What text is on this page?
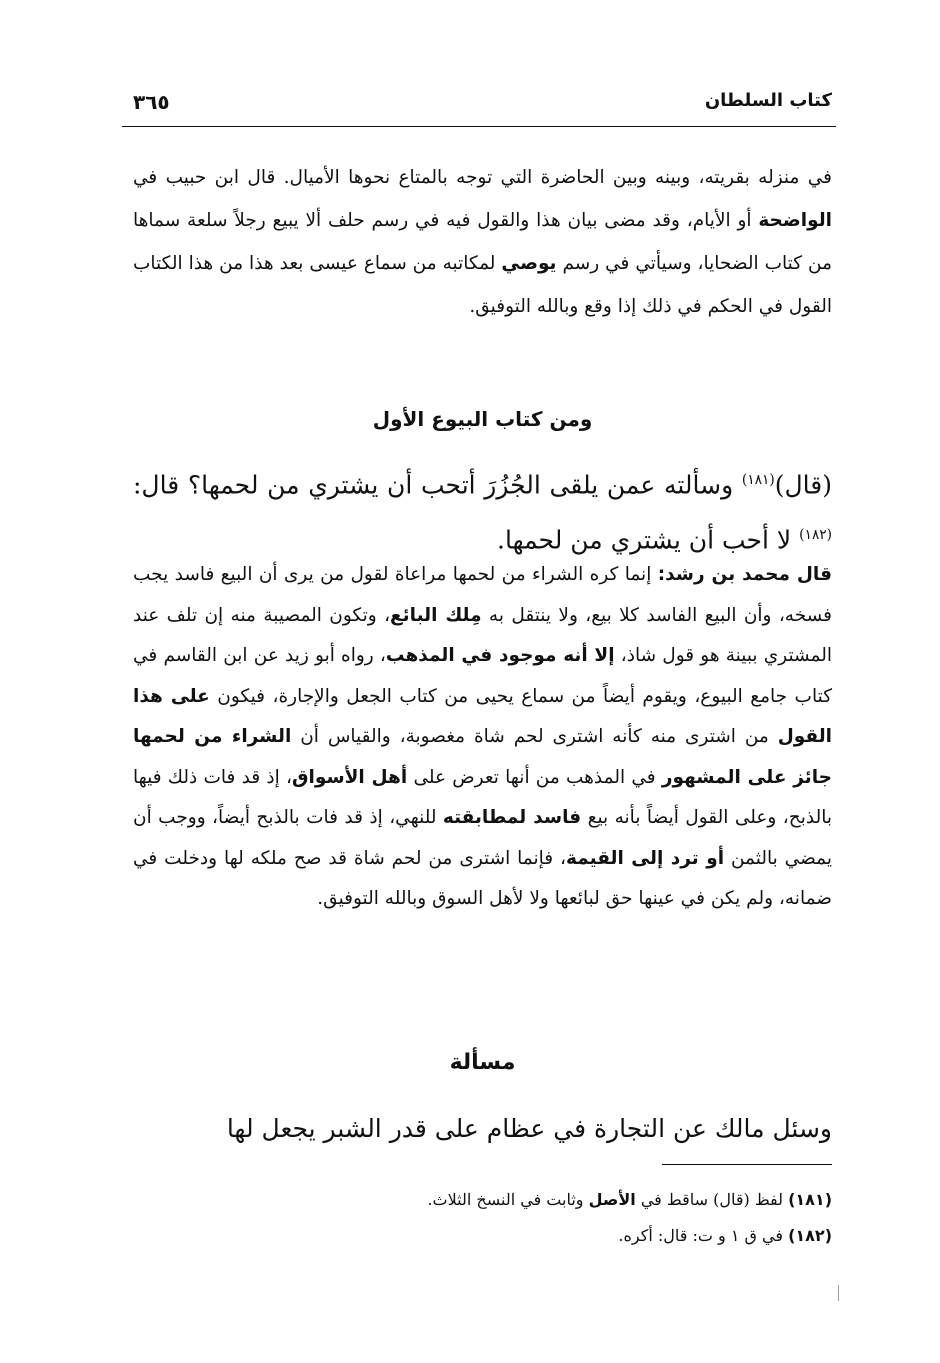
كتاب السلطان
٣٦٥
في منزله بقريته، وبينه وبين الحاضرة التي توجه بالمتاع نحوها الأميال. قال ابن حبيب في الواضحة أو الأيام، وقد مضى بيان هذا والقول فيه في رسم حلف ألا يبيع رجلاً سلعة سماها من كتاب الضحايا، وسيأتي في رسم يوصي لمكاتبه من سماع عيسى بعد هذا من هذا الكتاب القول في الحكم في ذلك إذا وقع وبالله التوفيق.
ومن كتاب البيوع الأول
(قال)$^{(١٨١)}$ وسألته عمن يلقى الجُزُرَ أتحب أن يشتري من لحمها؟ قال:$^{(١٨٢)}$ لا أحب أن يشتري من لحمها.
قال محمد بن رشد: إنما كره الشراء من لحمها مراعاة لقول من يرى أن البيع فاسد يجب فسخه، وأن البيع الفاسد كلا بيع، ولا ينتقل به مِلك البائع، وتكون المصيبة منه إن تلف عند المشتري ببينة هو قول شاذ، إلا أنه موجود في المذهب، رواه أبو زيد عن ابن القاسم في كتاب جامع البيوع، ويقوم أيضاً من سماع يحيى من كتاب الجعل والإجارة، فيكون على هذا القول من اشترى منه كأنه اشترى لحم شاة مغصوبة، والقياس أن الشراء من لحمها جائز على المشهور في المذهب من أنها تعرض على أهل الأسواق، إذ قد فات ذلك فيها بالذبح، وعلى القول أيضاً بأنه بيع فاسد لمطابقته للنهي، إذ قد فات بالذبح أيضاً، ووجب أن يمضي بالثمن أو ترد إلى القيمة، فإنما اشترى من لحم شاة قد صح ملكه لها ودخلت في ضمانه، ولم يكن في عينها حق لبائعها ولا لأهل السوق وبالله التوفيق.
مسألة
وسئل مالك عن التجارة في عظام على قدر الشبر يجعل لها
(١٨١) لفظ (قال) ساقط في الأصل وثابت في النسخ الثلاث.
(١٨٢) في ق ١ و ت: قال: أكره.
